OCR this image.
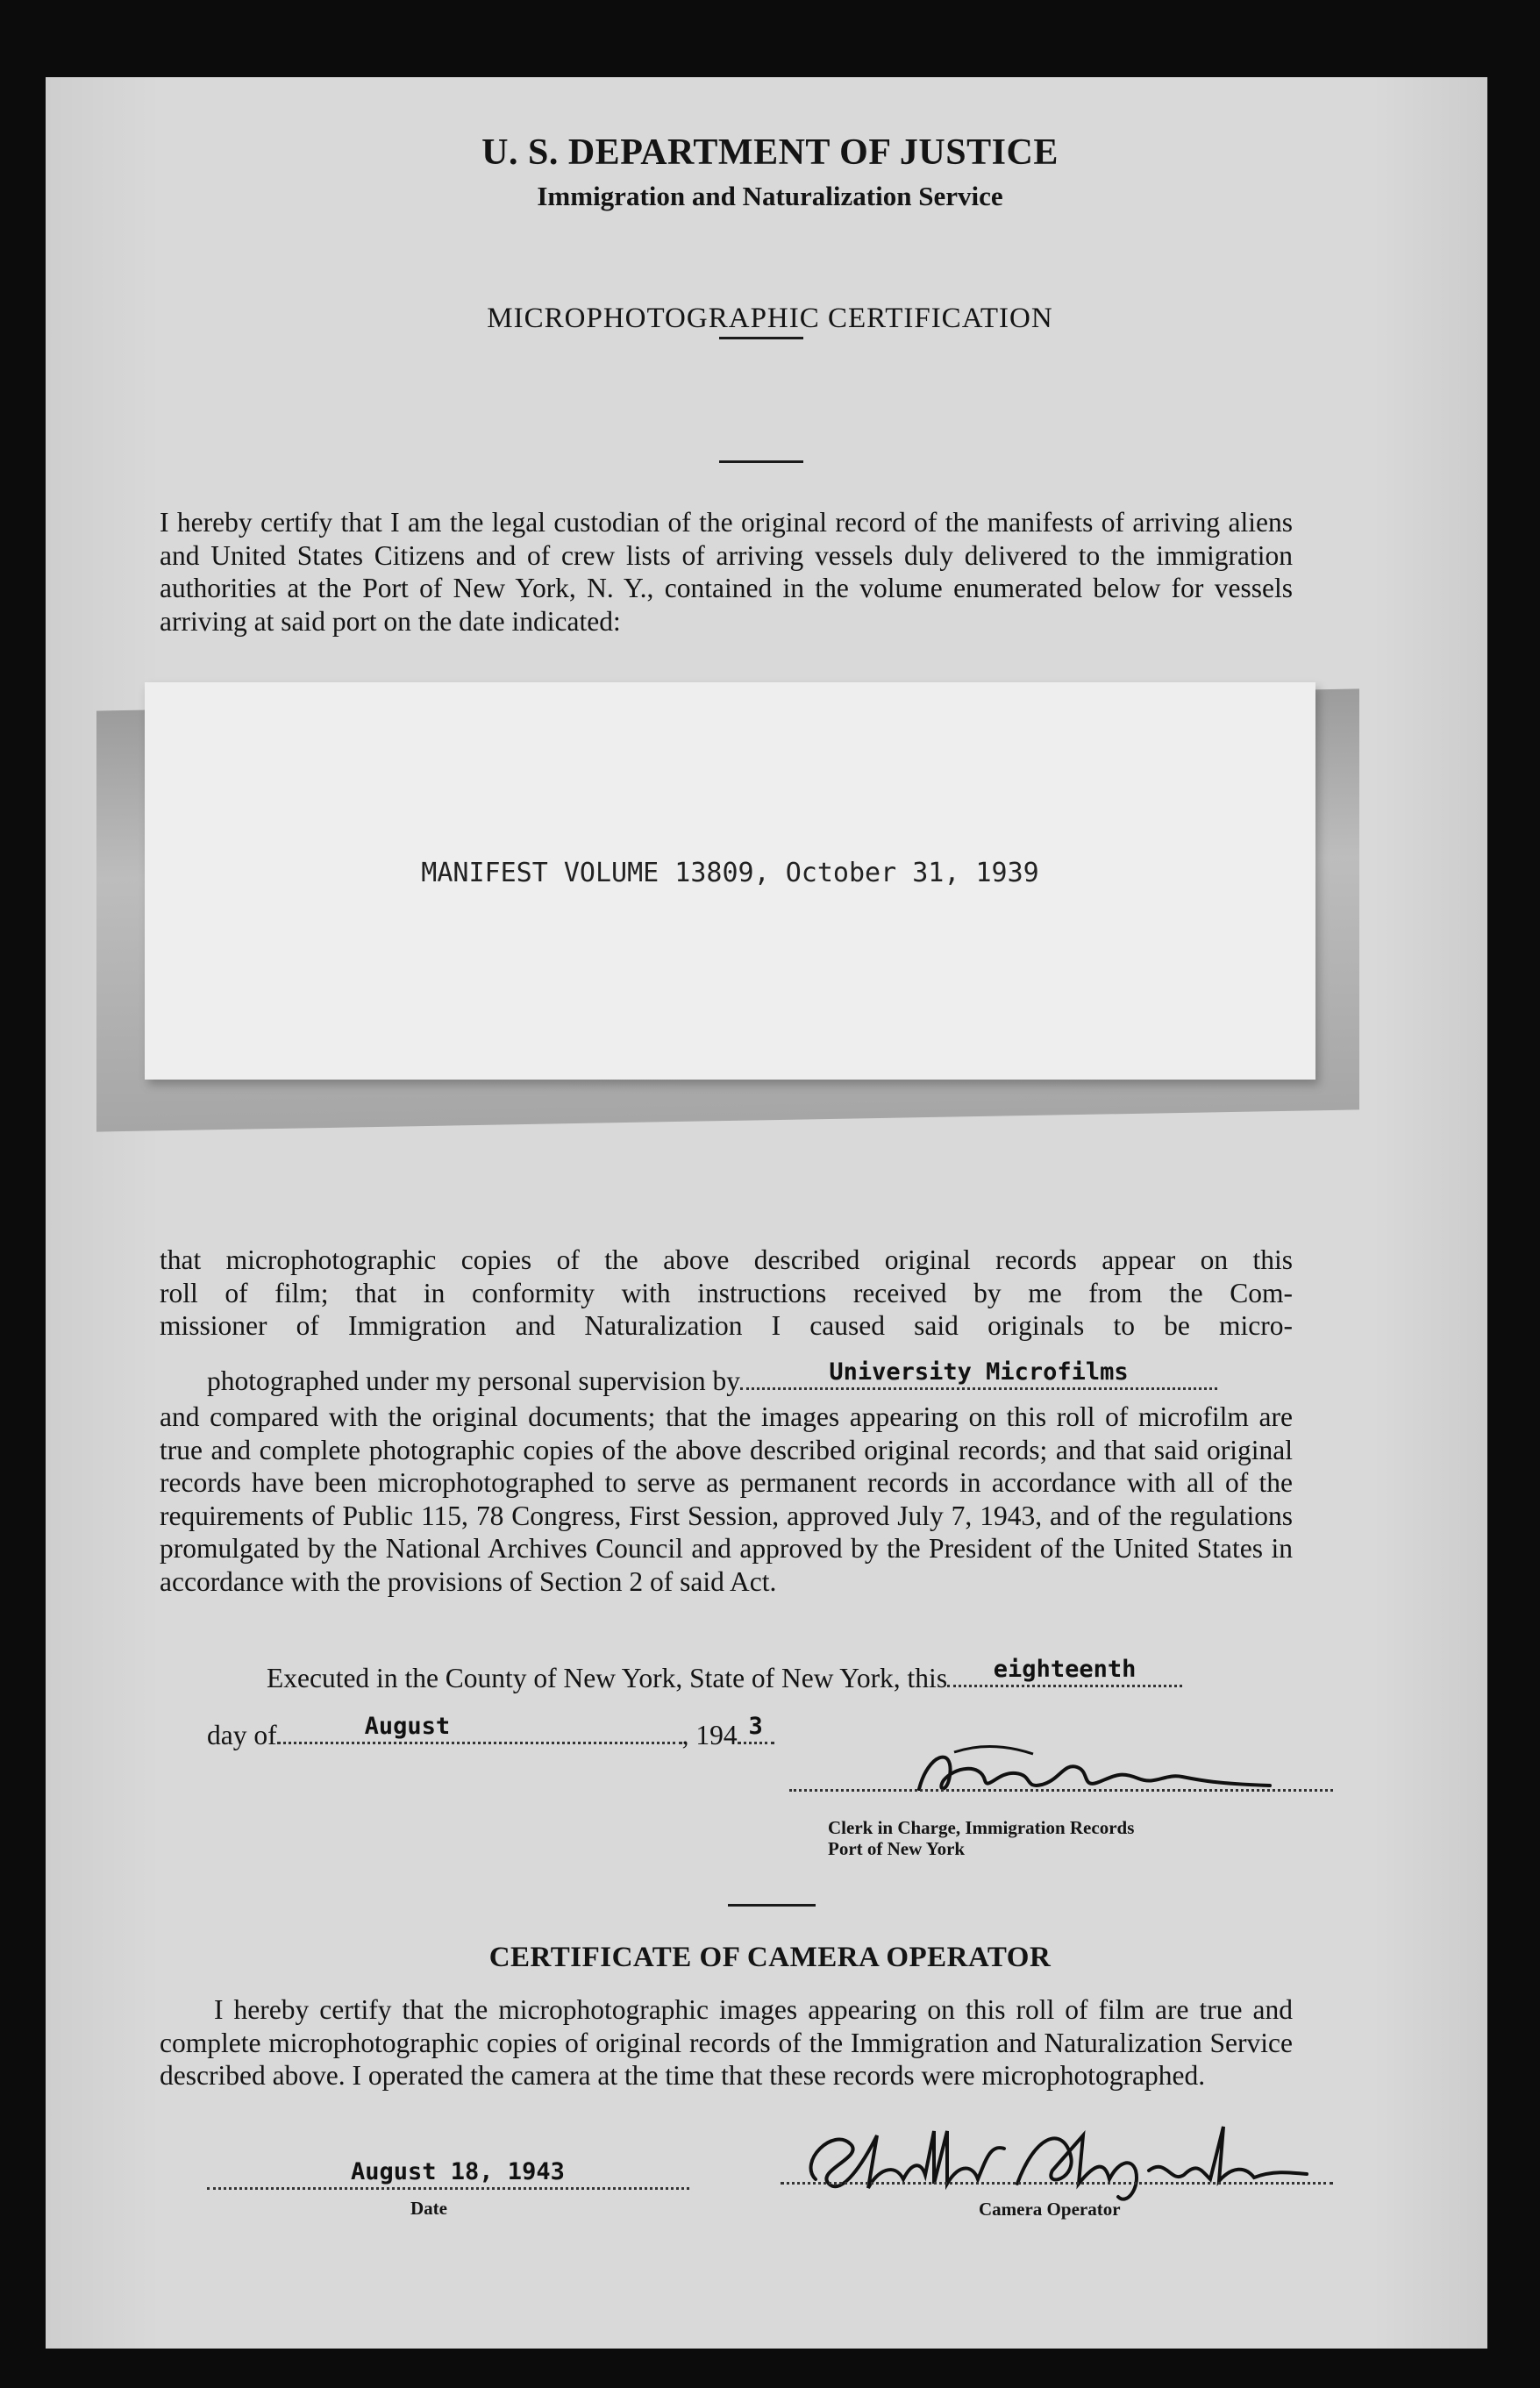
U. S. DEPARTMENT OF JUSTICE
Immigration and Naturalization Service
MICROPHOTOGRAPHIC CERTIFICATION
I hereby certify that I am the legal custodian of the original record of the manifests of arriving aliens and United States Citizens and of crew lists of arriving vessels duly delivered to the immigration authorities at the Port of New York, N. Y., contained in the volume enumerated below for vessels arriving at said port on the date indicated:
MANIFEST VOLUME 13809, October 31, 1939
that microphotographic copies of the above described original records appear on this
roll of film; that in conformity with instructions received by me from the Com-
missioner of Immigration and Naturalization I caused said originals to be micro-
photographed under my personal supervision by	University Microfilms
and compared with the original documents; that the images appearing on this roll of microfilm are true and complete photographic copies of the above described original records; and that said original records have been microphotographed to serve as permanent records in accordance with all of the requirements of Public 115, 78 Congress, First Session, approved July 7, 1943, and of the regulations promulgated by the National Archives Council and approved by the President of the United States in accordance with the provisions of Section 2 of said Act.
Executed in the County of New York, State of New York, this	eighteenth
day of	August	, 194 3
Clerk in Charge, Immigration Records
Port of New York
CERTIFICATE OF CAMERA OPERATOR
I hereby certify that the microphotographic images appearing on this roll of film are true and complete microphotographic copies of original records of the Immigration and Naturalization Service described above. I operated the camera at the time that these records were microphotographed.
August 18, 1943
Date	Camera Operator
